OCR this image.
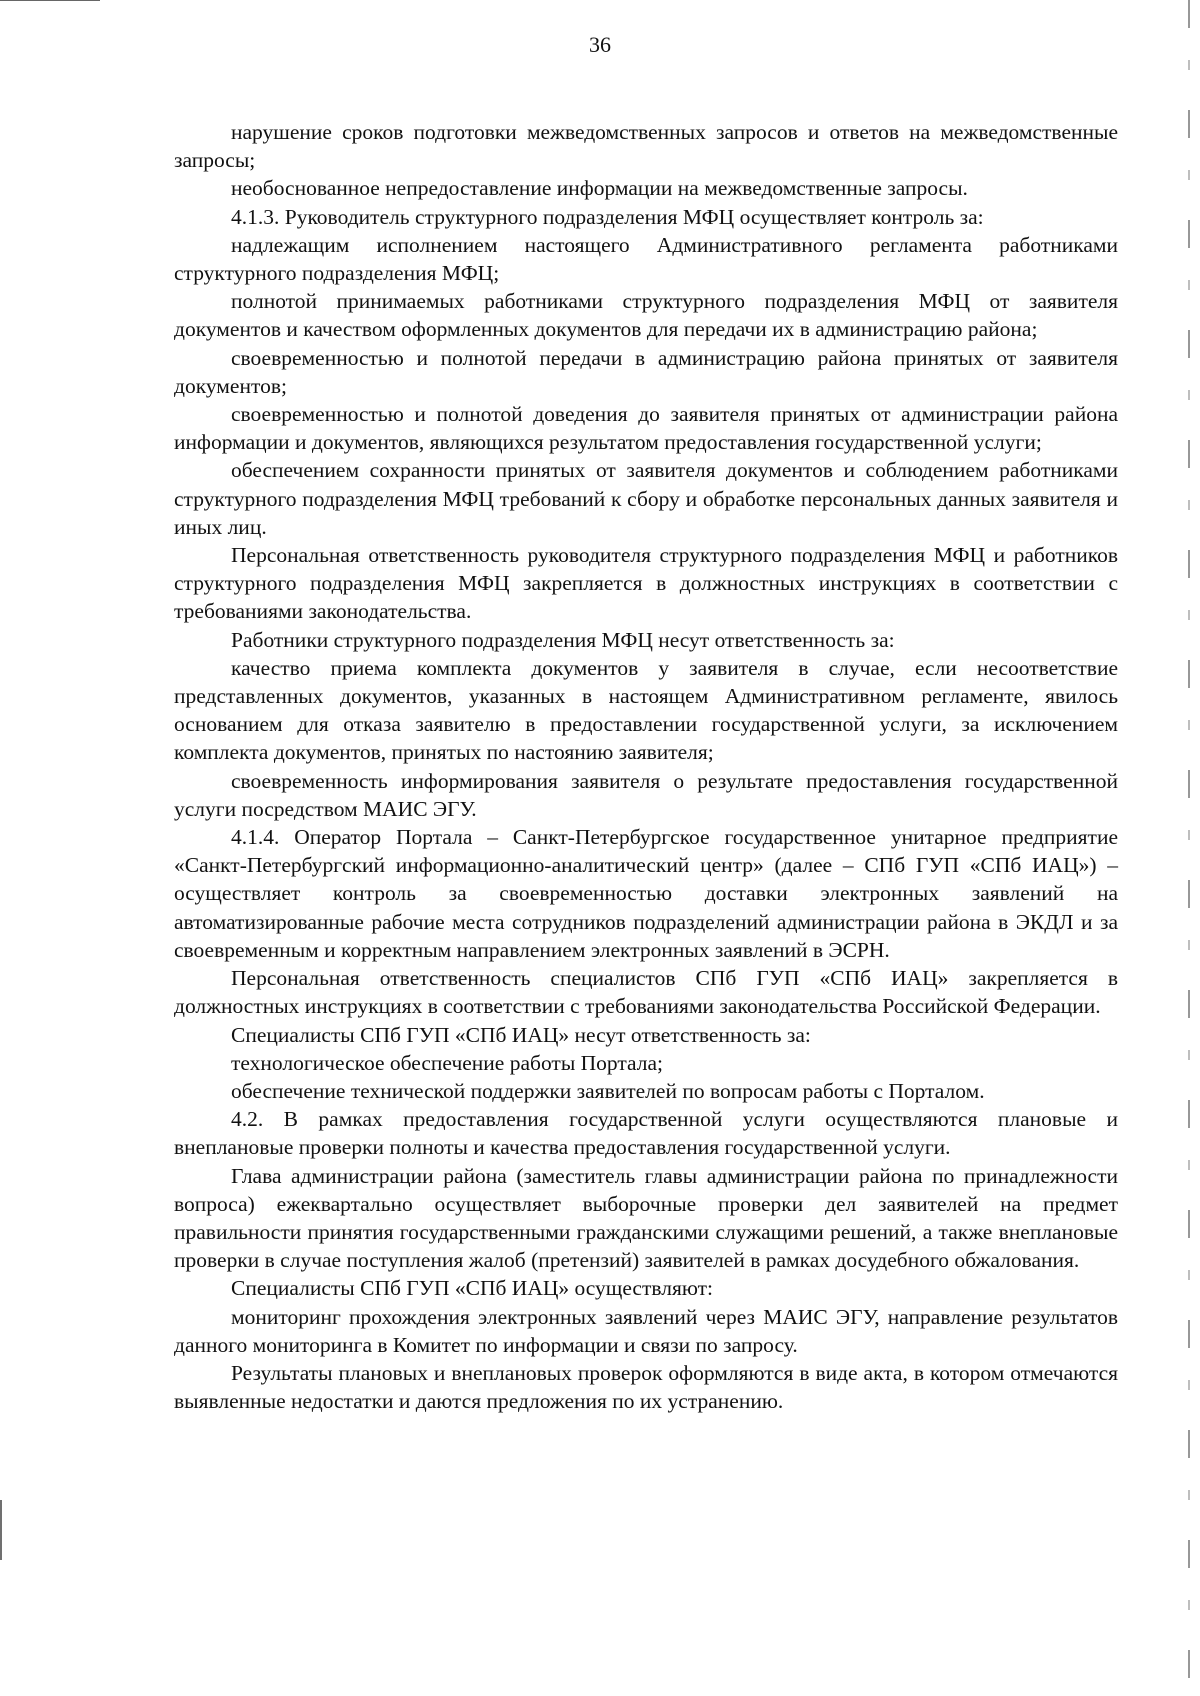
36

нарушение сроков подготовки межведомственных запросов и ответов на межведомственные запросы;

необоснованное непредоставление информации на межведомственные запросы.

4.1.3. Руководитель структурного подразделения МФЦ осуществляет контроль за:

надлежащим исполнением настоящего Административного регламента работниками структурного подразделения МФЦ;

полнотой принимаемых работниками структурного подразделения МФЦ от заявителя документов и качеством оформленных документов для передачи их в администрацию района;

своевременностью и полнотой передачи в администрацию района принятых от заявителя документов;

своевременностью и полнотой доведения до заявителя принятых от администрации района информации и документов, являющихся результатом предоставления государственной услуги;

обеспечением сохранности принятых от заявителя документов и соблюдением работниками структурного подразделения МФЦ требований к сбору и обработке персональных данных заявителя и иных лиц.

Персональная ответственность руководителя структурного подразделения МФЦ и работников структурного подразделения МФЦ закрепляется в должностных инструкциях в соответствии с требованиями законодательства.

Работники структурного подразделения МФЦ несут ответственность за:

качество приема комплекта документов у заявителя в случае, если несоответствие представленных документов, указанных в настоящем Административном регламенте, явилось основанием для отказа заявителю в предоставлении государственной услуги, за исключением комплекта документов, принятых по настоянию заявителя;

своевременность информирования заявителя о результате предоставления государственной услуги посредством МАИС ЭГУ.

4.1.4. Оператор Портала – Санкт-Петербургское государственное унитарное предприятие «Санкт-Петербургский информационно-аналитический центр» (далее – СПб ГУП «СПб ИАЦ») – осуществляет контроль за своевременностью доставки электронных заявлений на автоматизированные рабочие места сотрудников подразделений администрации района в ЭКДЛ и за своевременным и корректным направлением электронных заявлений в ЭСРН.

Персональная ответственность специалистов СПб ГУП «СПб ИАЦ» закрепляется в должностных инструкциях в соответствии с требованиями законодательства Российской Федерации.

Специалисты СПб ГУП «СПб ИАЦ» несут ответственность за:

технологическое обеспечение работы Портала;

обеспечение технической поддержки заявителей по вопросам работы с Порталом.

4.2. В рамках предоставления государственной услуги осуществляются плановые и внеплановые проверки полноты и качества предоставления государственной услуги.

Глава администрации района (заместитель главы администрации района по принадлежности вопроса) ежеквартально осуществляет выборочные проверки дел заявителей на предмет правильности принятия государственными гражданскими служащими решений, а также внеплановые проверки в случае поступления жалоб (претензий) заявителей в рамках досудебного обжалования.

Специалисты СПб ГУП «СПб ИАЦ» осуществляют:

мониторинг прохождения электронных заявлений через МАИС ЭГУ, направление результатов данного мониторинга в Комитет по информации и связи по запросу.

Результаты плановых и внеплановых проверок оформляются в виде акта, в котором отмечаются выявленные недостатки и даются предложения по их устранению.
